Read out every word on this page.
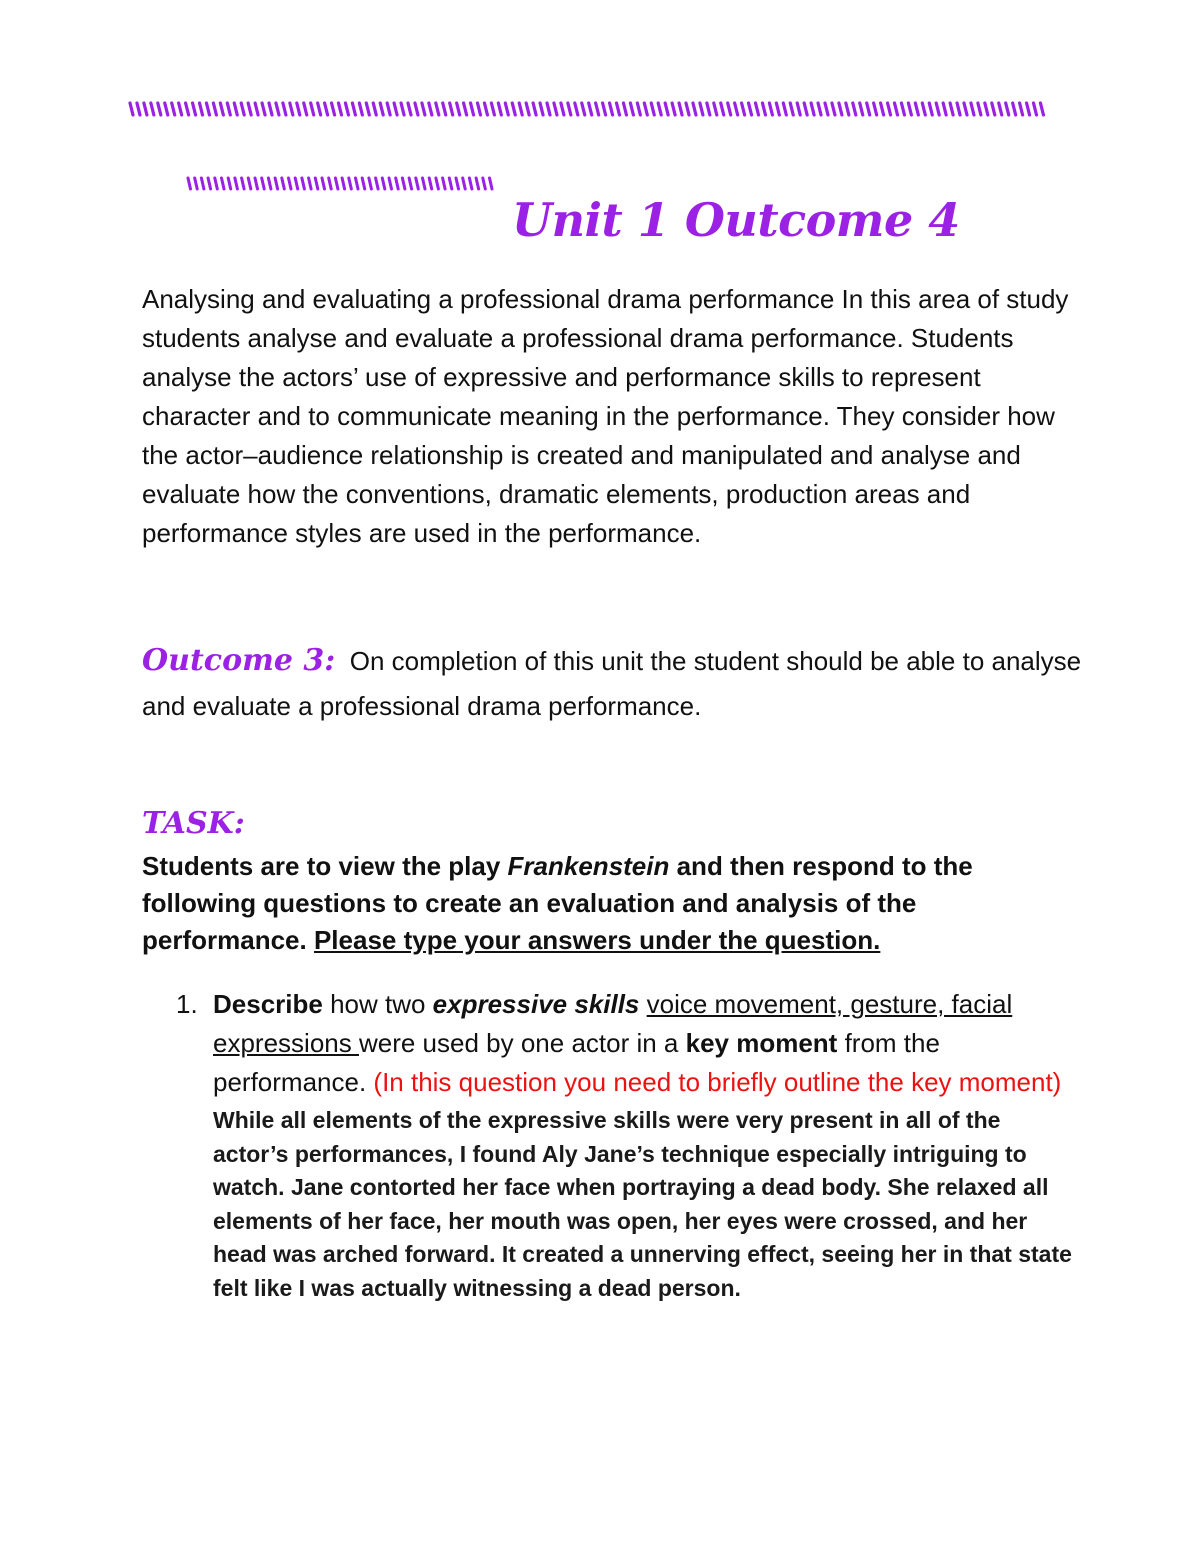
Unit 1 Outcome 4

Analysing and evaluating a professional drama performance In this area of study students analyse and evaluate a professional drama performance. Students analyse the actors’ use of expressive and performance skills to represent character and to communicate meaning in the performance. They consider how the actor–audience relationship is created and manipulated and analyse and evaluate how the conventions, dramatic elements, production areas and performance styles are used in the performance.

Outcome 3: On completion of this unit the student should be able to analyse and evaluate a professional drama performance.

TASK:

Students are to view the play Frankenstein and then respond to the following questions to create an evaluation and analysis of the performance. Please type your answers under the question.

1. Describe how two expressive skills voice movement, gesture, facial expressions were used by one actor in a key moment from the performance. (In this question you need to briefly outline the key moment)
While all elements of the expressive skills were very present in all of the actor’s performances, I found Aly Jane’s technique especially intriguing to watch. Jane contorted her face when portraying a dead body. She relaxed all elements of her face, her mouth was open, her eyes were crossed, and her head was arched forward. It created a unnerving effect, seeing her in that state felt like I was actually witnessing a dead person.
